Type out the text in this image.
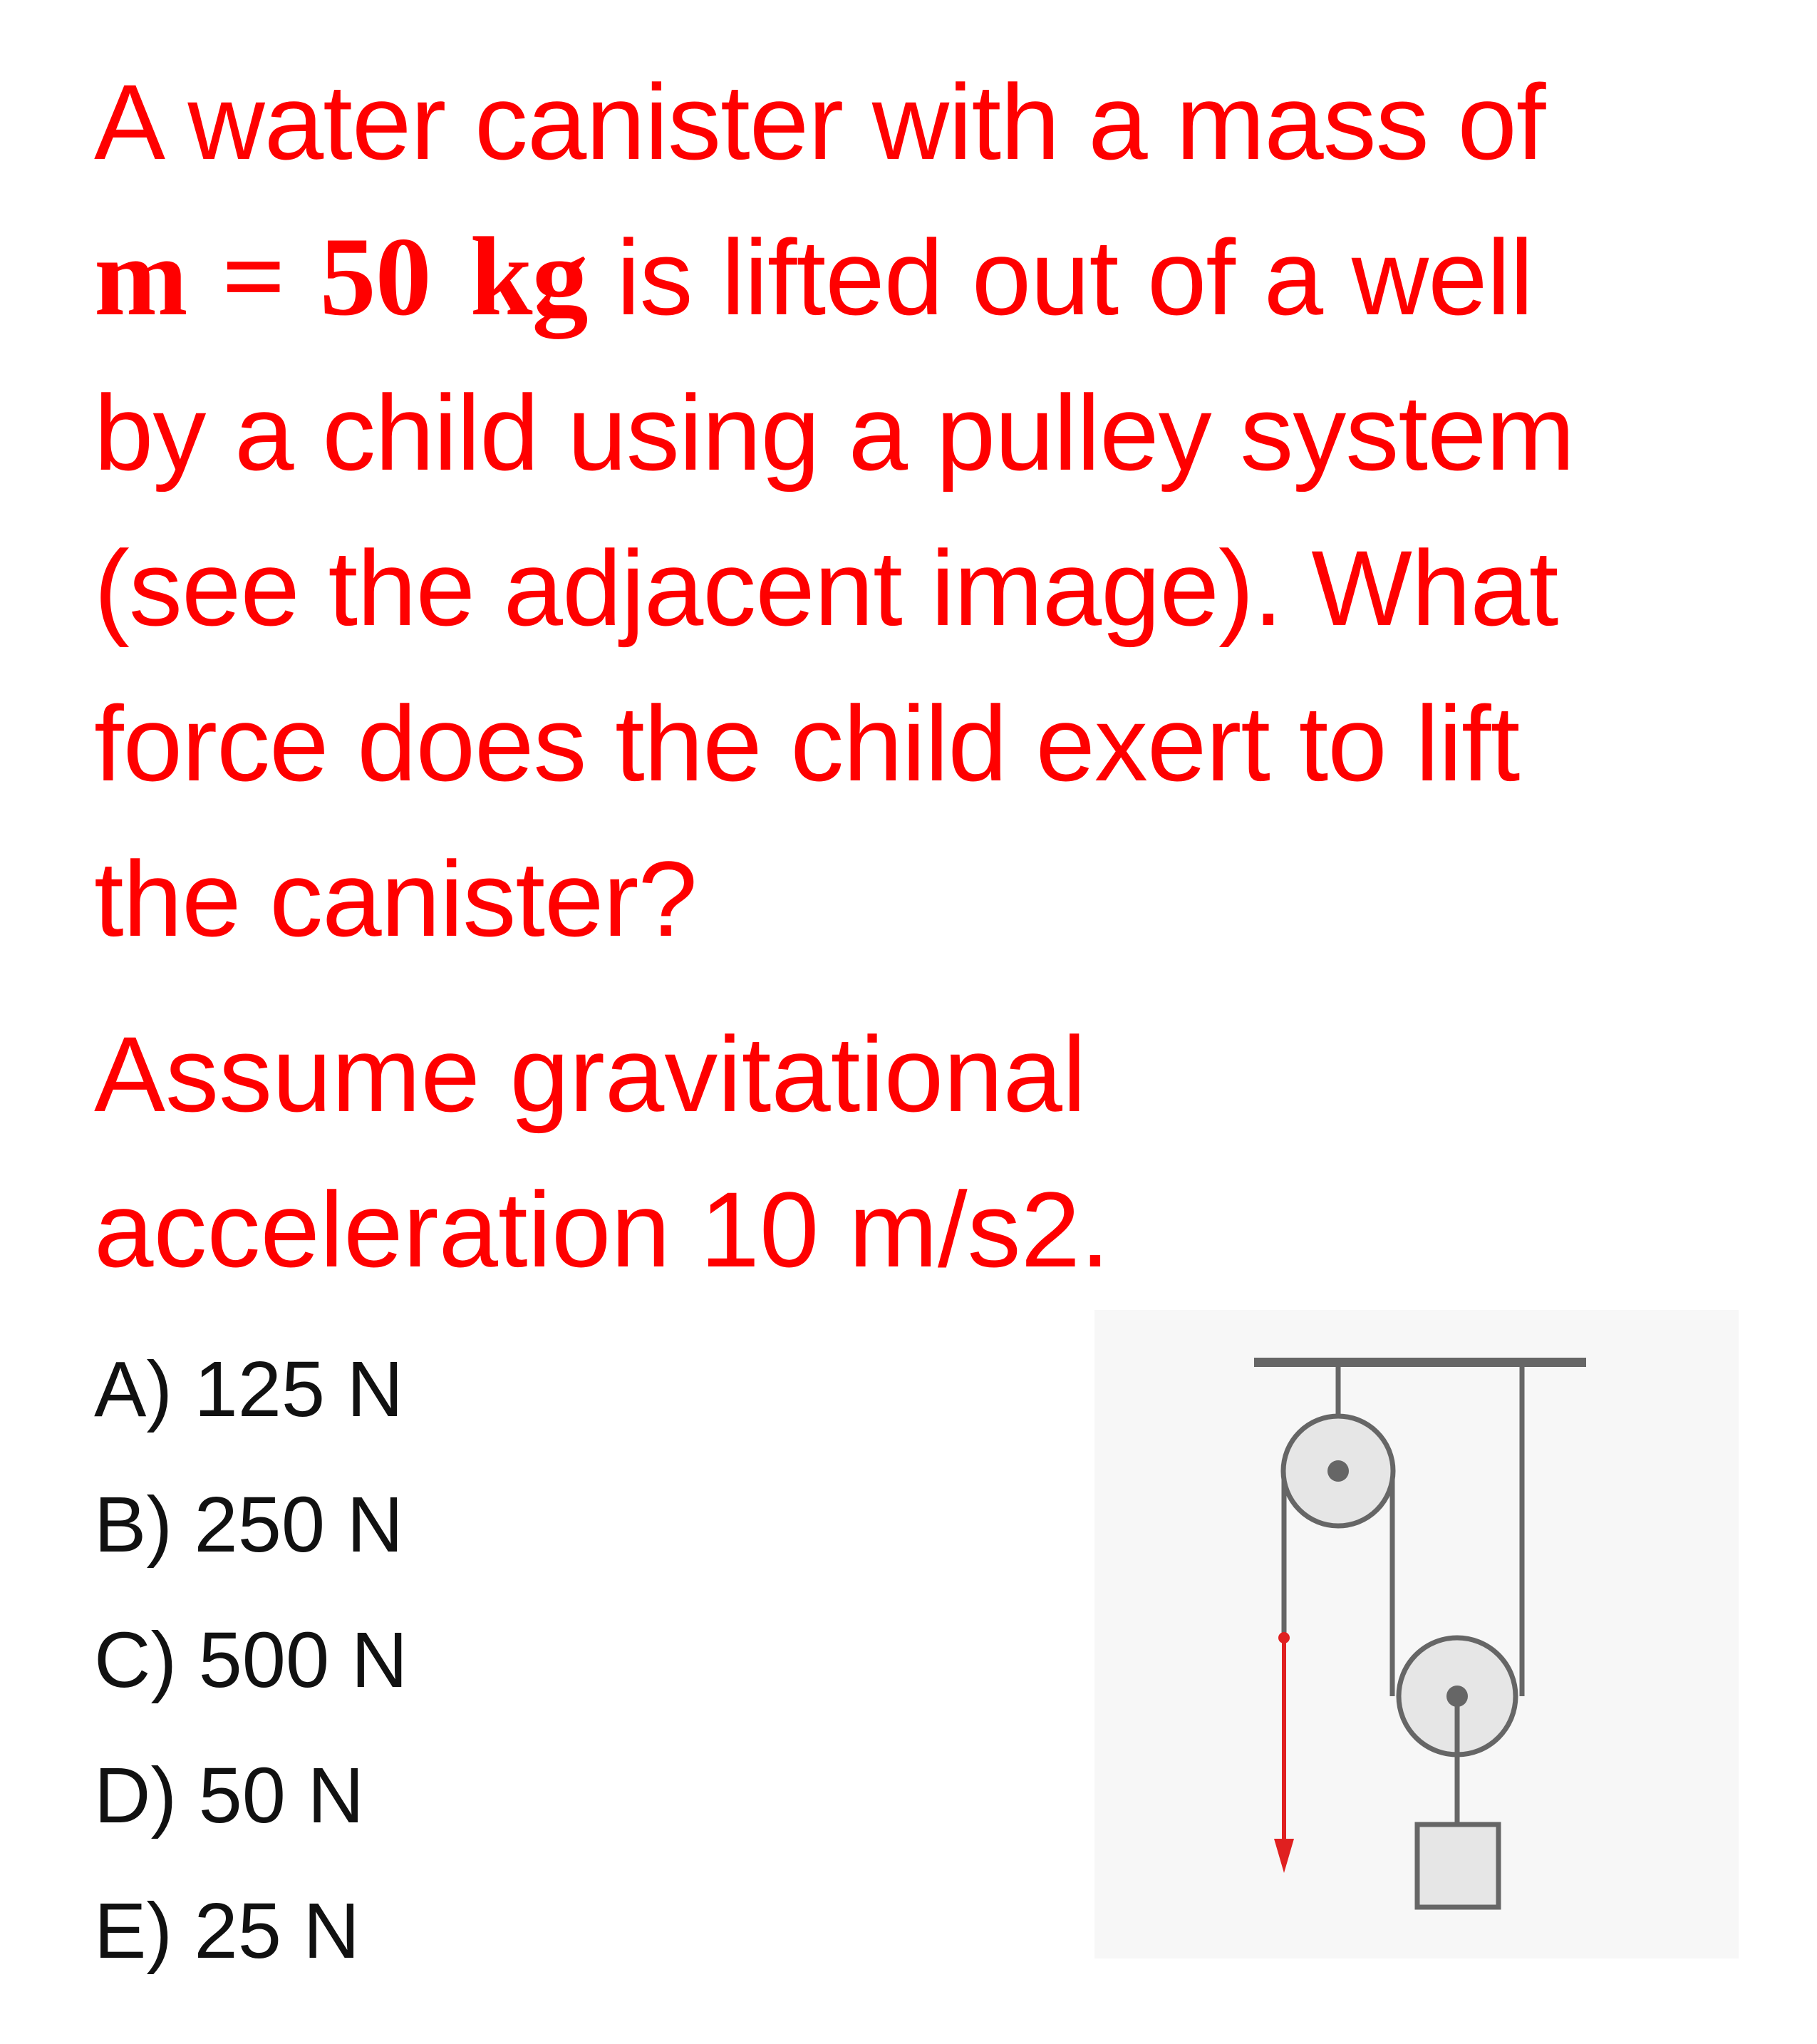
A water canister with a mass of
m = 50 kg is lifted out of a well
by a child using a pulley system
(see the adjacent image). What
force does the child exert to lift
the canister?
Assume gravitational
acceleration 10 m/s2.
A) 125 N
B) 250 N
C) 500 N
D) 50 N
E) 25 N
